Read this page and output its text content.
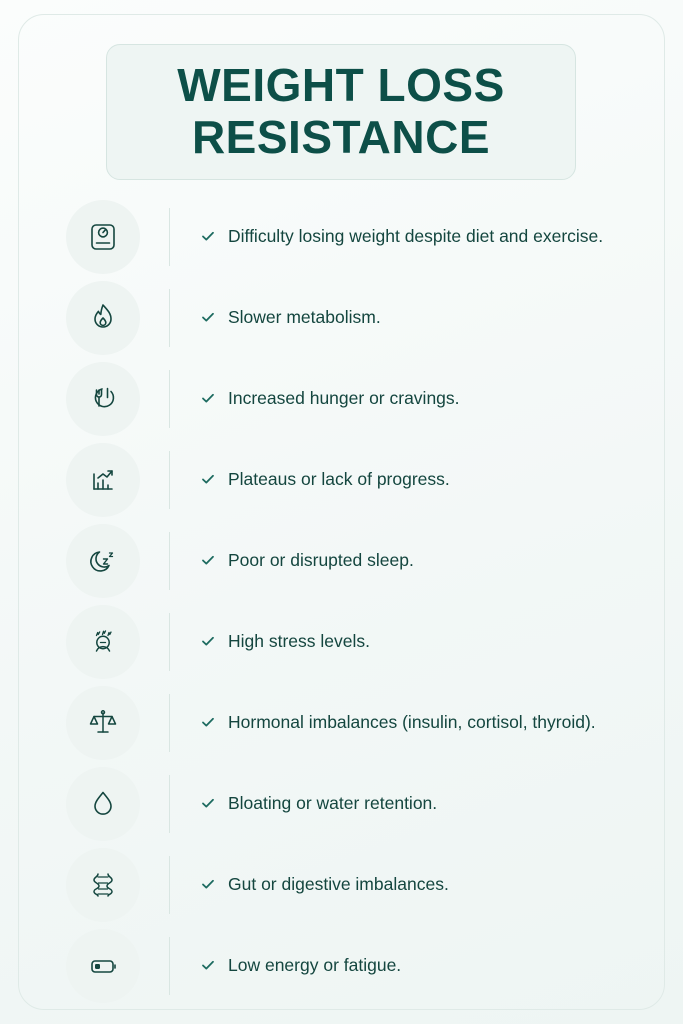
WEIGHT LOSS RESISTANCE
Difficulty losing weight despite diet and exercise.
Slower metabolism.
Increased hunger or cravings.
Plateaus or lack of progress.
Poor or disrupted sleep.
High stress levels.
Hormonal imbalances (insulin, cortisol, thyroid).
Bloating or water retention.
Gut or digestive imbalances.
Low energy or fatigue.
